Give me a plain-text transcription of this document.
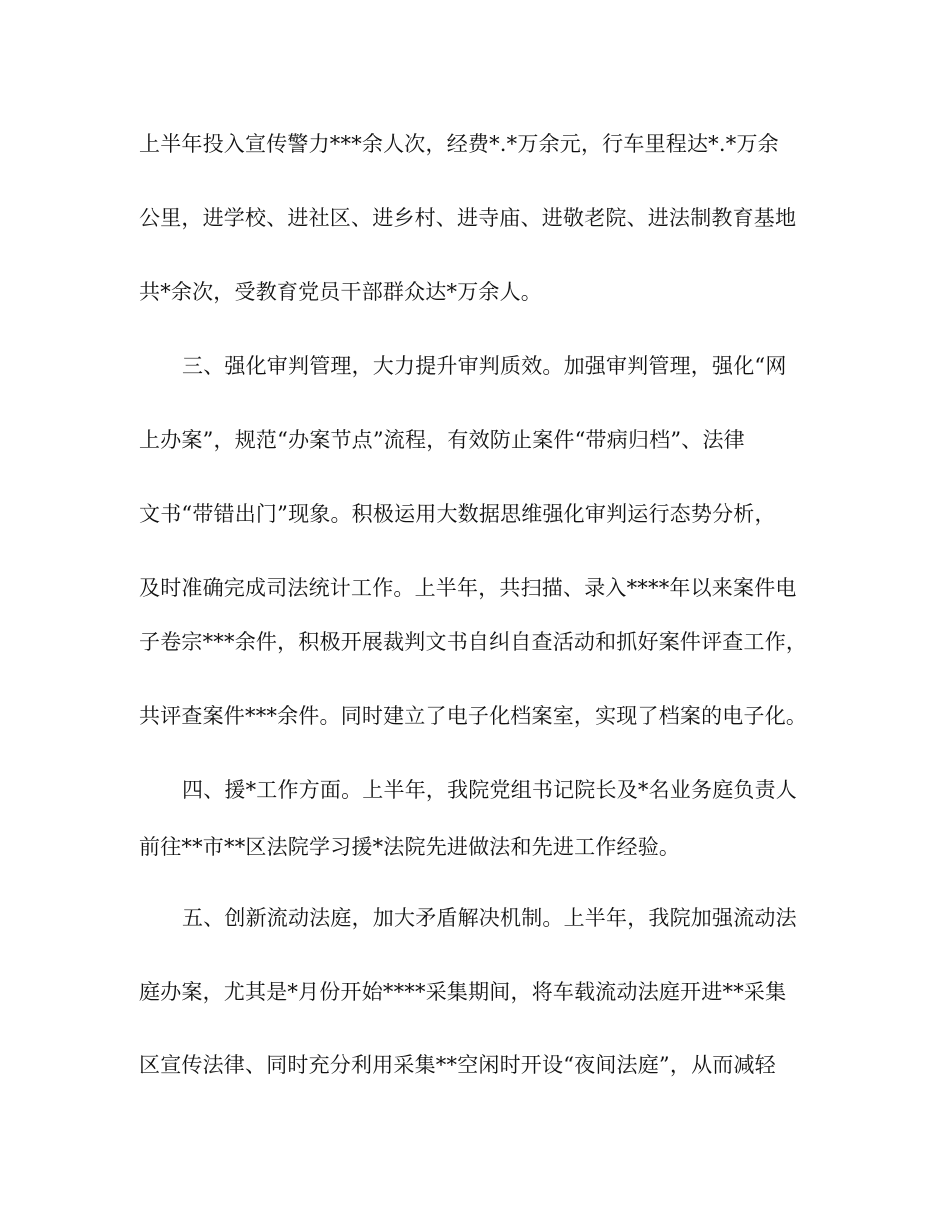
上半年投入宣传警力***余人次，经费*.*万余元，行车里程达*.*万余
公里，进学校、进社区、进乡村、进寺庙、进敬老院、进法制教育基地
共*余次，受教育党员干部群众达*万余人。
三、强化审判管理，大力提升审判质效。加强审判管理，强化“网
上办案”，规范“办案节点”流程，有效防止案件“带病归档”、法律
文书“带错出门”现象。积极运用大数据思维强化审判运行态势分析，
及时准确完成司法统计工作。上半年，共扫描、录入****年以来案件电
子卷宗***余件，积极开展裁判文书自纠自查活动和抓好案件评查工作，
共评查案件***余件。同时建立了电子化档案室，实现了档案的电子化。
四、援*工作方面。上半年，我院党组书记院长及*名业务庭负责人
前往**市**区法院学习援*法院先进做法和先进工作经验。
五、创新流动法庭，加大矛盾解决机制。上半年，我院加强流动法
庭办案，尤其是*月份开始****采集期间，将车载流动法庭开进**采集
区宣传法律、同时充分利用采集**空闲时开设“夜间法庭”，从而减轻
